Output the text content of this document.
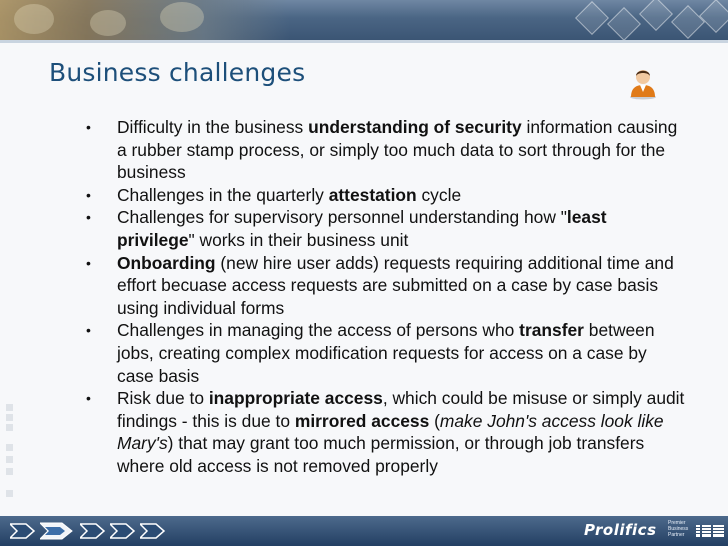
Business challenges
• Difficulty in the business understanding of security information causing a rubber stamp process, or simply too much data to sort through for the business
• Challenges in the quarterly attestation cycle
• Challenges for supervisory personnel understanding how "least privilege" works in their business unit
• Onboarding (new hire user adds) requests requiring additional time and effort becuase access requests are submitted on a case by case basis using individual forms
• Challenges in managing the access of persons who transfer between jobs, creating complex modification requests for access on a case by case basis
• Risk due to inappropriate access, which could be misuse or simply audit findings - this is due to mirrored access (make John's access look like Mary's) that may grant too much permission, or through job transfers where old access is not removed properly
Prolifics Premier Business Partner
